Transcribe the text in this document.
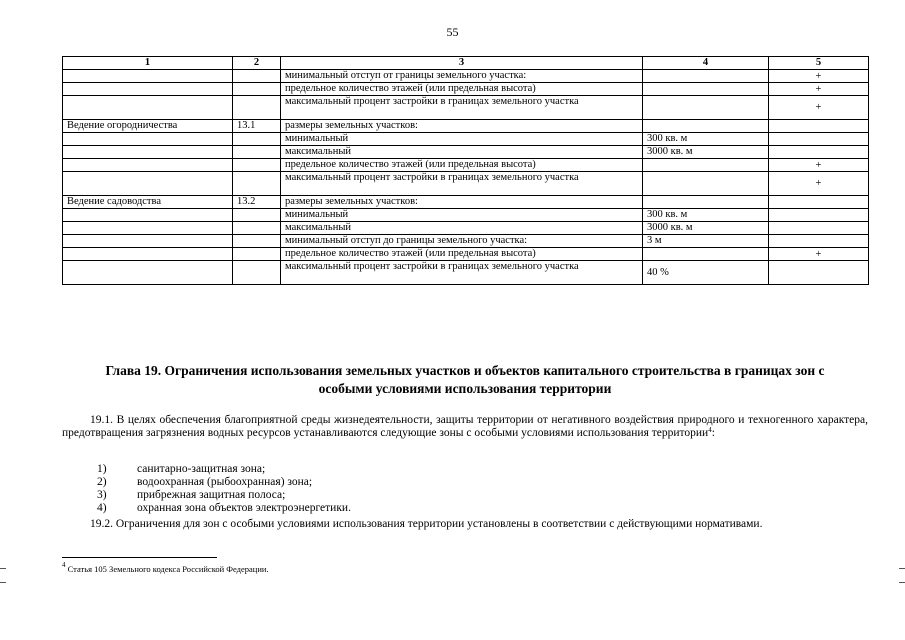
55
1	2	3	4	5
		минимальный отступ от границы земельного участка:		+
		предельное количество этажей (или предельная высота)		+
		максимальный процент застройки в границах земельного участка		+
Ведение огородничества	13.1	размеры земельных участков:		
		минимальный	300 кв. м	
		максимальный	3000 кв. м	
		предельное количество этажей (или предельная высота)		+
		максимальный процент застройки в границах земельного участка		+
Ведение садоводства	13.2	размеры земельных участков:		
		минимальный	300 кв. м	
		максимальный	3000 кв. м	
		минимальный отступ до границы земельного участка:	3 м	
		предельное количество этажей (или предельная высота)		+
		максимальный процент застройки в границах земельного участка	40 %	
Глава 19. Ограничения использования земельных участков и объектов капитального строительства в границах зон с
особыми условиями использования территории
19.1. В целях обеспечения благоприятной среды жизнедеятельности, защиты территории от негативного воздействия природного и техногенного характера, предотвращения загрязнения водных ресурсов устанавливаются следующие зоны с особыми условиями использования территории$^4$:
1)	санитарно-защитная зона;
2)	водоохранная (рыбоохранная) зона;
3)	прибрежная защитная полоса;
4)	охранная зона объектов электроэнергетики.
19.2. Ограничения для зон с особыми условиями использования территории установлены в соответствии с действующими нормативами.
$^4$ Статья 105 Земельного кодекса Российской Федерации.
